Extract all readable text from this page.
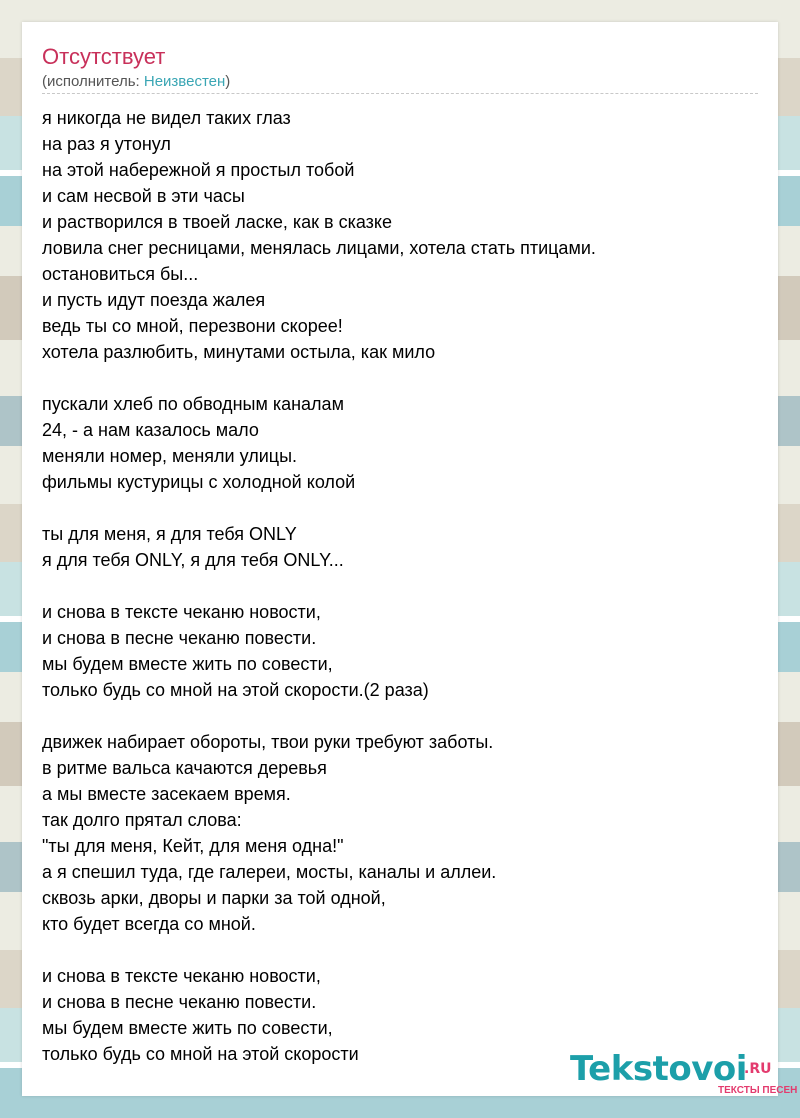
Отсутствует
(исполнитель: Неизвестен)
я никогда не видел таких глаз
на раз я утонул
на этой набережной я простыл тобой
и сам несвой в эти часы
и растворился в твоей ласке, как в сказке
ловила снег ресницами, менялась лицами, хотела стать птицами.
остановиться бы...
и пусть идут поезда жалея
ведь ты со мной, перезвони скорее!
хотела разлюбить, минутами остыла, как мило
пускали хлеб по обводным каналам
24, - а нам казалось мало
меняли номер, меняли улицы.
фильмы кустурицы с холодной колой
ты для меня, я для тебя ONLY
я для тебя ONLY, я для тебя ONLY...
и снова в тексте чеканю новости,
и снова в песне чеканю повести.
мы будем вместе жить по совести,
только будь со мной на этой скорости.(2 раза)
движек набирает обороты, твои руки требуют заботы.
в ритме вальса качаются деревья
а мы вместе засекаем время.
так долго прятал слова:
"ты для меня, Кейт, для меня одна!"
а я спешил туда, где галереи, мосты, каналы и аллеи.
сквозь арки, дворы и парки за той одной,
кто будет всегда со мной.
и снова в тексте чеканю новости,
и снова в песне чеканю повести.
мы будем вместе жить по совести,
только будь со мной на этой скорости	Tekstovoi
.RU
ТЕКСТЫ ПЕСЕН
